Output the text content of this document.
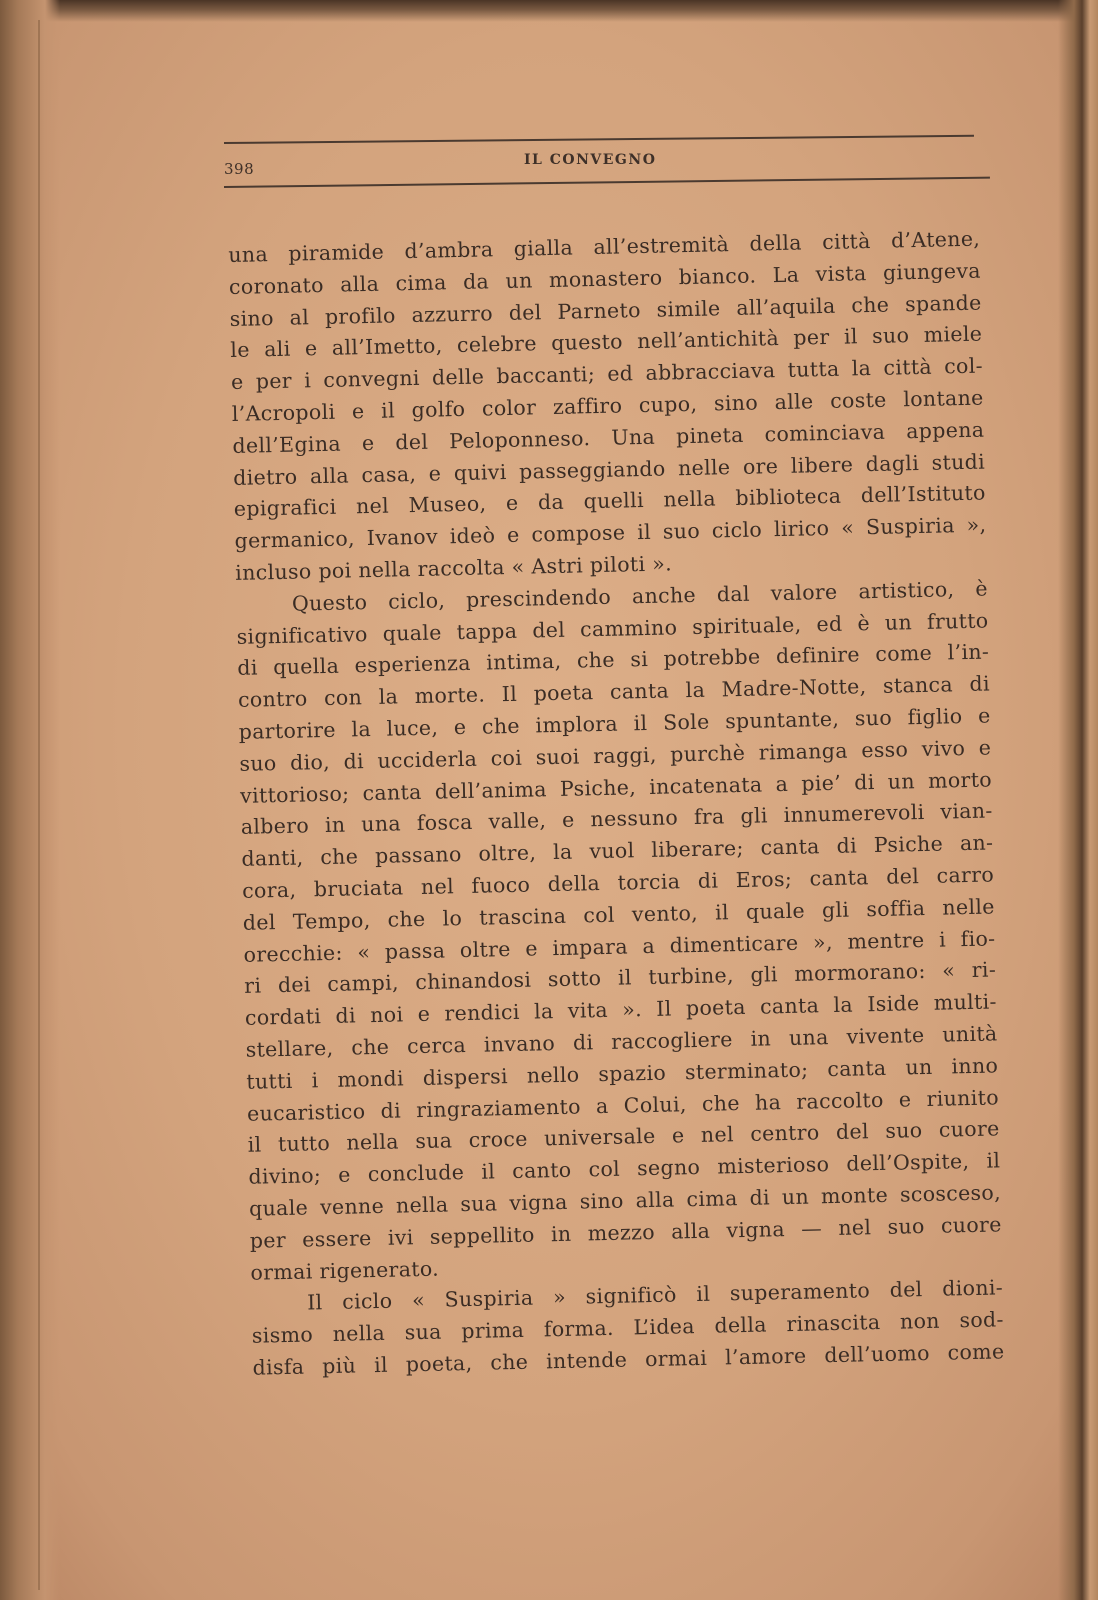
398	IL CONVEGNO
una piramide d’ambra gialla all’estremità della città d’Atene,
coronato alla cima da un monastero bianco. La vista giungeva
sino al profilo azzurro del Parneto simile all’aquila che spande
le ali e all’Imetto, celebre questo nell’antichità per il suo miele
e per i convegni delle baccanti; ed abbracciava tutta la città col-
l’Acropoli e il golfo color zaffiro cupo, sino alle coste lontane
dell’Egina e del Peloponneso. Una pineta cominciava appena
dietro alla casa, e quivi passeggiando nelle ore libere dagli studi
epigrafici nel Museo, e da quelli nella biblioteca dell’Istituto
germanico, Ivanov ideò e compose il suo ciclo lirico « Suspiria »,
incluso poi nella raccolta « Astri piloti ».
Questo ciclo, prescindendo anche dal valore artistico, è
significativo quale tappa del cammino spirituale, ed è un frutto
di quella esperienza intima, che si potrebbe definire come l’in-
contro con la morte. Il poeta canta la Madre-Notte, stanca di
partorire la luce, e che implora il Sole spuntante, suo figlio e
suo dio, di ucciderla coi suoi raggi, purchè rimanga esso vivo e
vittorioso; canta dell’anima Psiche, incatenata a pie’ di un morto
albero in una fosca valle, e nessuno fra gli innumerevoli vian-
danti, che passano oltre, la vuol liberare; canta di Psiche an-
cora, bruciata nel fuoco della torcia di Eros; canta del carro
del Tempo, che lo trascina col vento, il quale gli soffia nelle
orecchie: « passa oltre e impara a dimenticare », mentre i fio-
ri dei campi, chinandosi sotto il turbine, gli mormorano: « ri-
cordati di noi e rendici la vita ». Il poeta canta la Iside multi-
stellare, che cerca invano di raccogliere in una vivente unità
tutti i mondi dispersi nello spazio sterminato; canta un inno
eucaristico di ringraziamento a Colui, che ha raccolto e riunito
il tutto nella sua croce universale e nel centro del suo cuore
divino; e conclude il canto col segno misterioso dell’Ospite, il
quale venne nella sua vigna sino alla cima di un monte scosceso,
per essere ivi seppellito in mezzo alla vigna — nel suo cuore
ormai rigenerato.
Il ciclo « Suspiria » significò il superamento del dioni-
sismo nella sua prima forma. L’idea della rinascita non sod-
disfa più il poeta, che intende ormai l’amore dell’uomo come
